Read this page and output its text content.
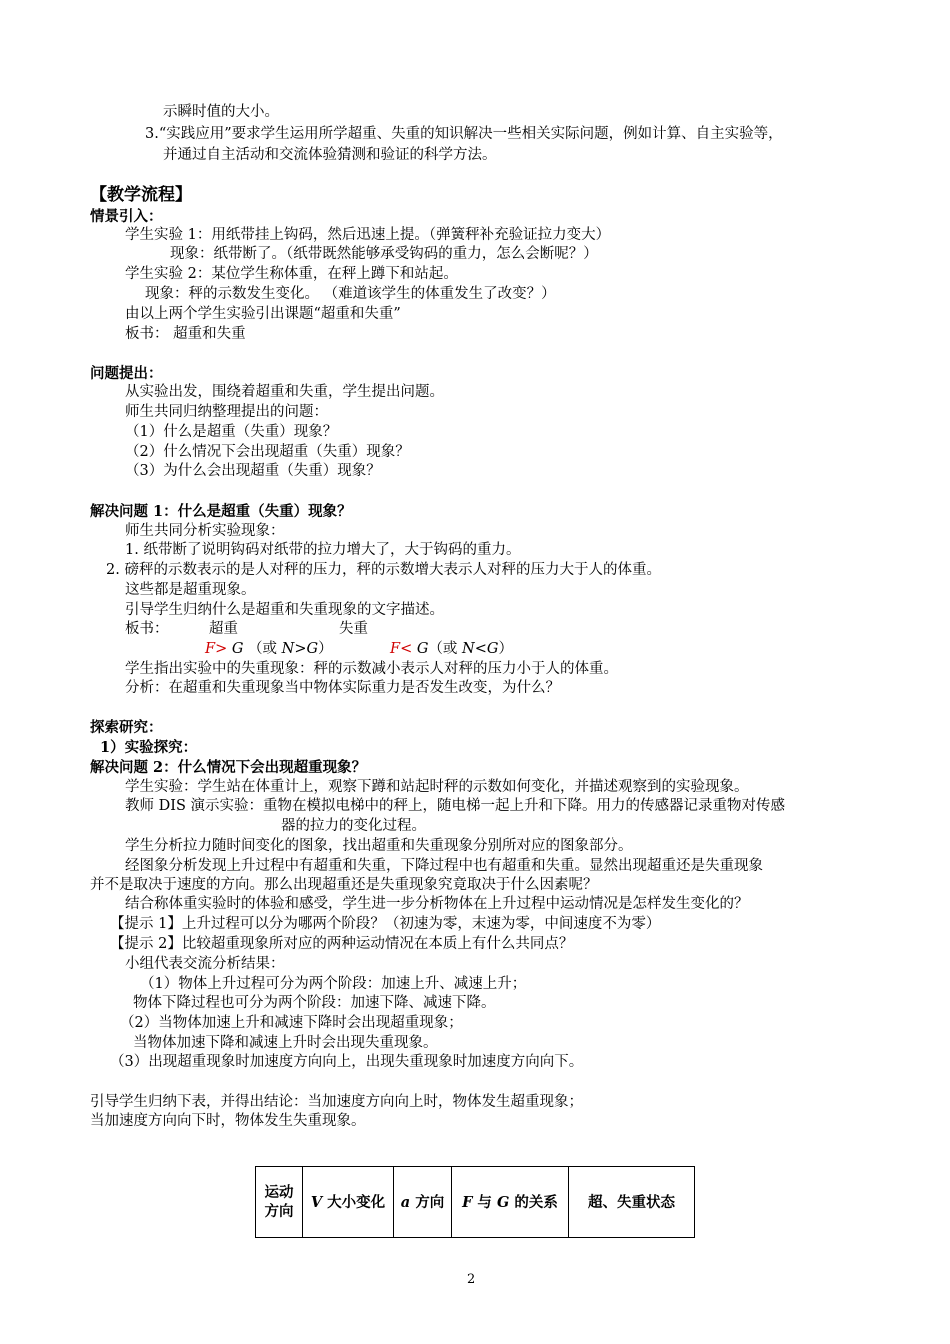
示瞬时值的大小。
3.“实践应用”要求学生运用所学超重、失重的知识解决一些相关实际问题，例如计算、自主实验等，
并通过自主活动和交流体验猜测和验证的科学方法。
【教学流程】
情景引入：
学生实验 1：用纸带挂上钩码，然后迅速上提。（弹簧秤补充验证拉力变大）
现象：纸带断了。（纸带既然能够承受钩码的重力，怎么会断呢？）
学生实验 2：某位学生称体重，在秤上蹲下和站起。
现象：秤的示数发生变化。 （难道该学生的体重发生了改变？）
由以上两个学生实验引出课题“超重和失重”
板书： 超重和失重
问题提出：
从实验出发，围绕着超重和失重，学生提出问题。
师生共同归纳整理提出的问题：
（1）什么是超重（失重）现象？
（2）什么情况下会出现超重（失重）现象？
（3）为什么会出现超重（失重）现象？
解决问题 1：什么是超重（失重）现象？
师生共同分析实验现象：
1. 纸带断了说明钩码对纸带的拉力增大了，大于钩码的重力。
2. 磅秤的示数表示的是人对秤的压力，秤的示数增大表示人对秤的压力大于人的体重。
这些都是超重现象。
引导学生归纳什么是超重和失重现象的文字描述。
板书：	超重	失重
F> G （或 N>G）	F< G（或 N<G）
学生指出实验中的失重现象：秤的示数减小表示人对秤的压力小于人的体重。
分析：在超重和失重现象当中物体实际重力是否发生改变，为什么？
探索研究：
1）实验探究：
解决问题 2：什么情况下会出现超重现象？
学生实验：学生站在体重计上，观察下蹲和站起时秤的示数如何变化，并描述观察到的实验现象。
教师 DIS 演示实验：重物在模拟电梯中的秤上，随电梯一起上升和下降。用力的传感器记录重物对传感
器的拉力的变化过程。
学生分析拉力随时间变化的图象，找出超重和失重现象分别所对应的图象部分。
经图象分析发现上升过程中有超重和失重，下降过程中也有超重和失重。显然出现超重还是失重现象
并不是取决于速度的方向。那么出现超重还是失重现象究竟取决于什么因素呢？
结合称体重实验时的体验和感受，学生进一步分析物体在上升过程中运动情况是怎样发生变化的？
【提示 1】上升过程可以分为哪两个阶段？（初速为零，末速为零，中间速度不为零）
【提示 2】比较超重现象所对应的两种运动情况在本质上有什么共同点？
小组代表交流分析结果：
（1）物体上升过程可分为两个阶段：加速上升、减速上升；
物体下降过程也可分为两个阶段：加速下降、减速下降。
（2）当物体加速上升和减速下降时会出现超重现象；
当物体加速下降和减速上升时会出现失重现象。
（3）出现超重现象时加速度方向向上，出现失重现象时加速度方向向下。
引导学生归纳下表，并得出结论：当加速度方向向上时，物体发生超重现象；
当加速度方向向下时，物体发生失重现象。
运动方向	V 大小变化	a 方向	F 与 G 的关系	超、失重状态
2
